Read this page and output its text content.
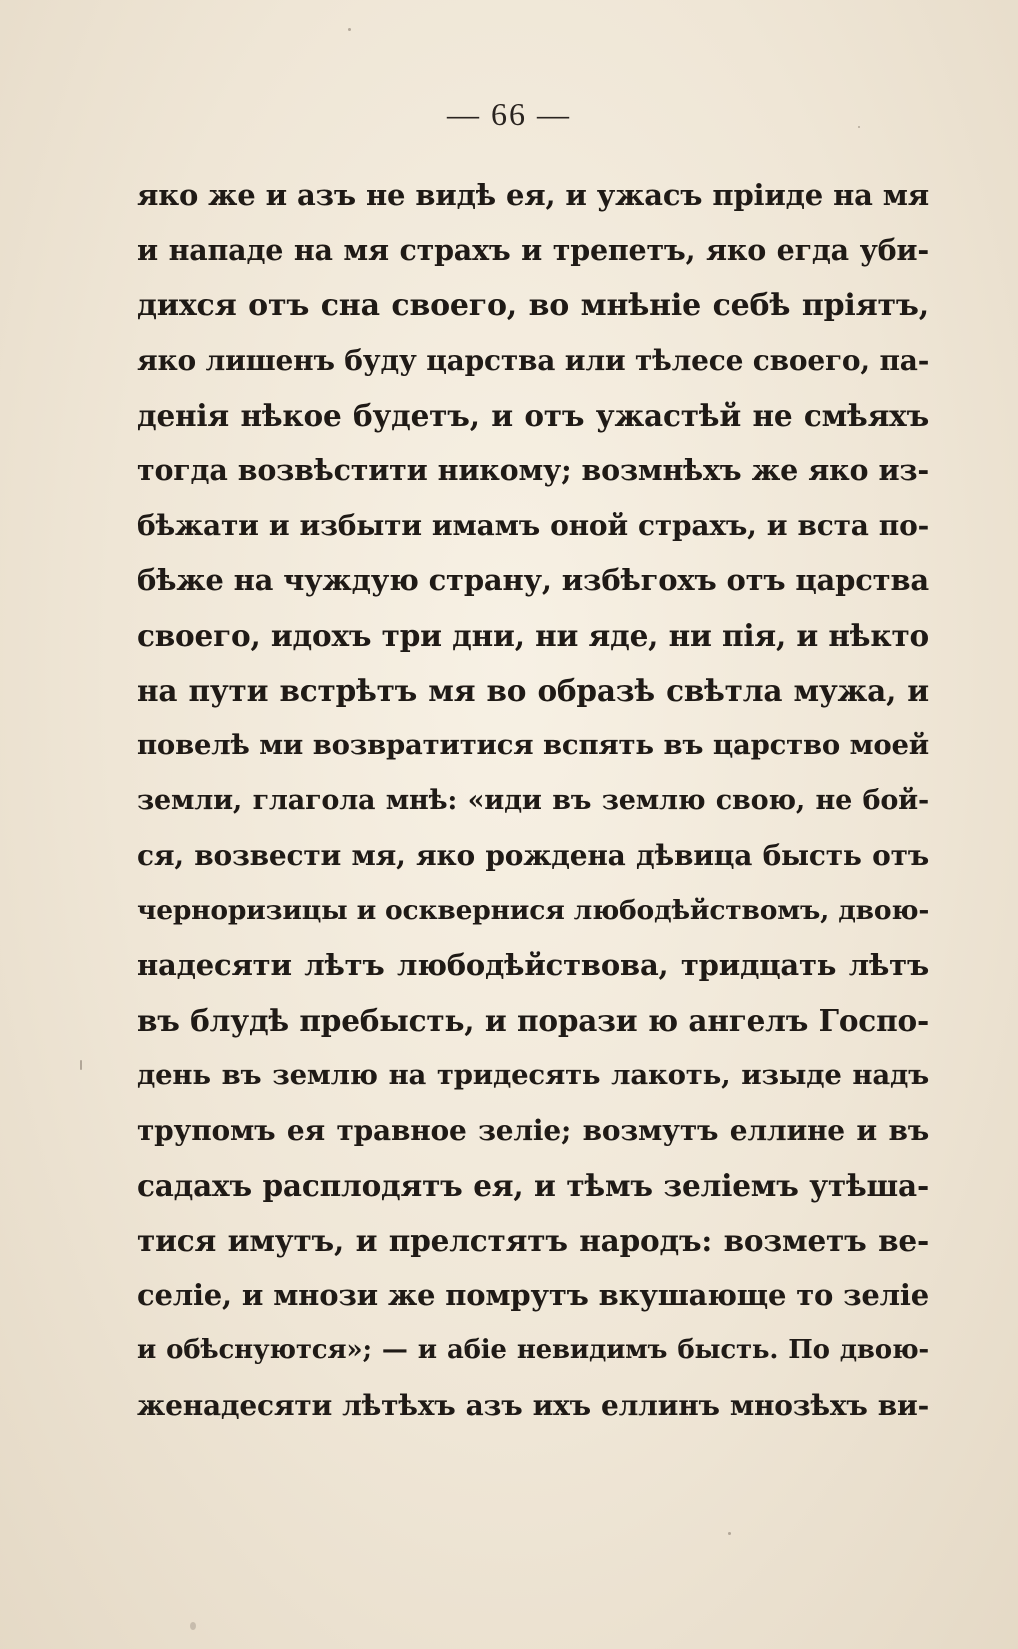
— 66 —
яко же и азъ не видѣ ея, и ужасъ пріиде на мя
и нападе на мя страхъ и трепетъ, яко егда уби-
дихся отъ сна своего, во мнѣніе себѣ пріятъ,
яко лишенъ буду царства или тѣлесе своего, па-
денія нѣкое будетъ, и отъ ужастѣй не смѣяхъ
тогда возвѣстити никому; возмнѣхъ же яко из-
бѣжати и избыти имамъ оной страхъ, и вста по-
бѣже на чуждую страну, избѣгохъ отъ царства
своего, идохъ три дни, ни яде, ни пія, и нѣкто
на пути встрѣтъ мя во образѣ свѣтла мужа, и
повелѣ ми возвратитися вспять въ царство моей
земли, глагола мнѣ: «иди въ землю свою, не бой-
ся, возвести мя, яко рождена дѣвица бысть отъ
черноризицы и осквернися любодѣйствомъ, двою-
надесяти лѣтъ любодѣйствова, тридцать лѣтъ
въ блудѣ пребысть, и порази ю ангелъ Госпо-
день въ землю на тридесять лакоть, изыде надъ
трупомъ ея травное зеліе; возмутъ еллине и въ
садахъ расплодятъ ея, и тѣмъ зеліемъ утѣша-
тися имутъ, и прелстятъ народъ: возметъ ве-
селіе, и мнози же помрутъ вкушающе то зеліе
и обѣснуются»; — и абіе невидимъ бысть. По двою-
женадесяти лѣтѣхъ азъ ихъ еллинъ мнозѣхъ ви-
